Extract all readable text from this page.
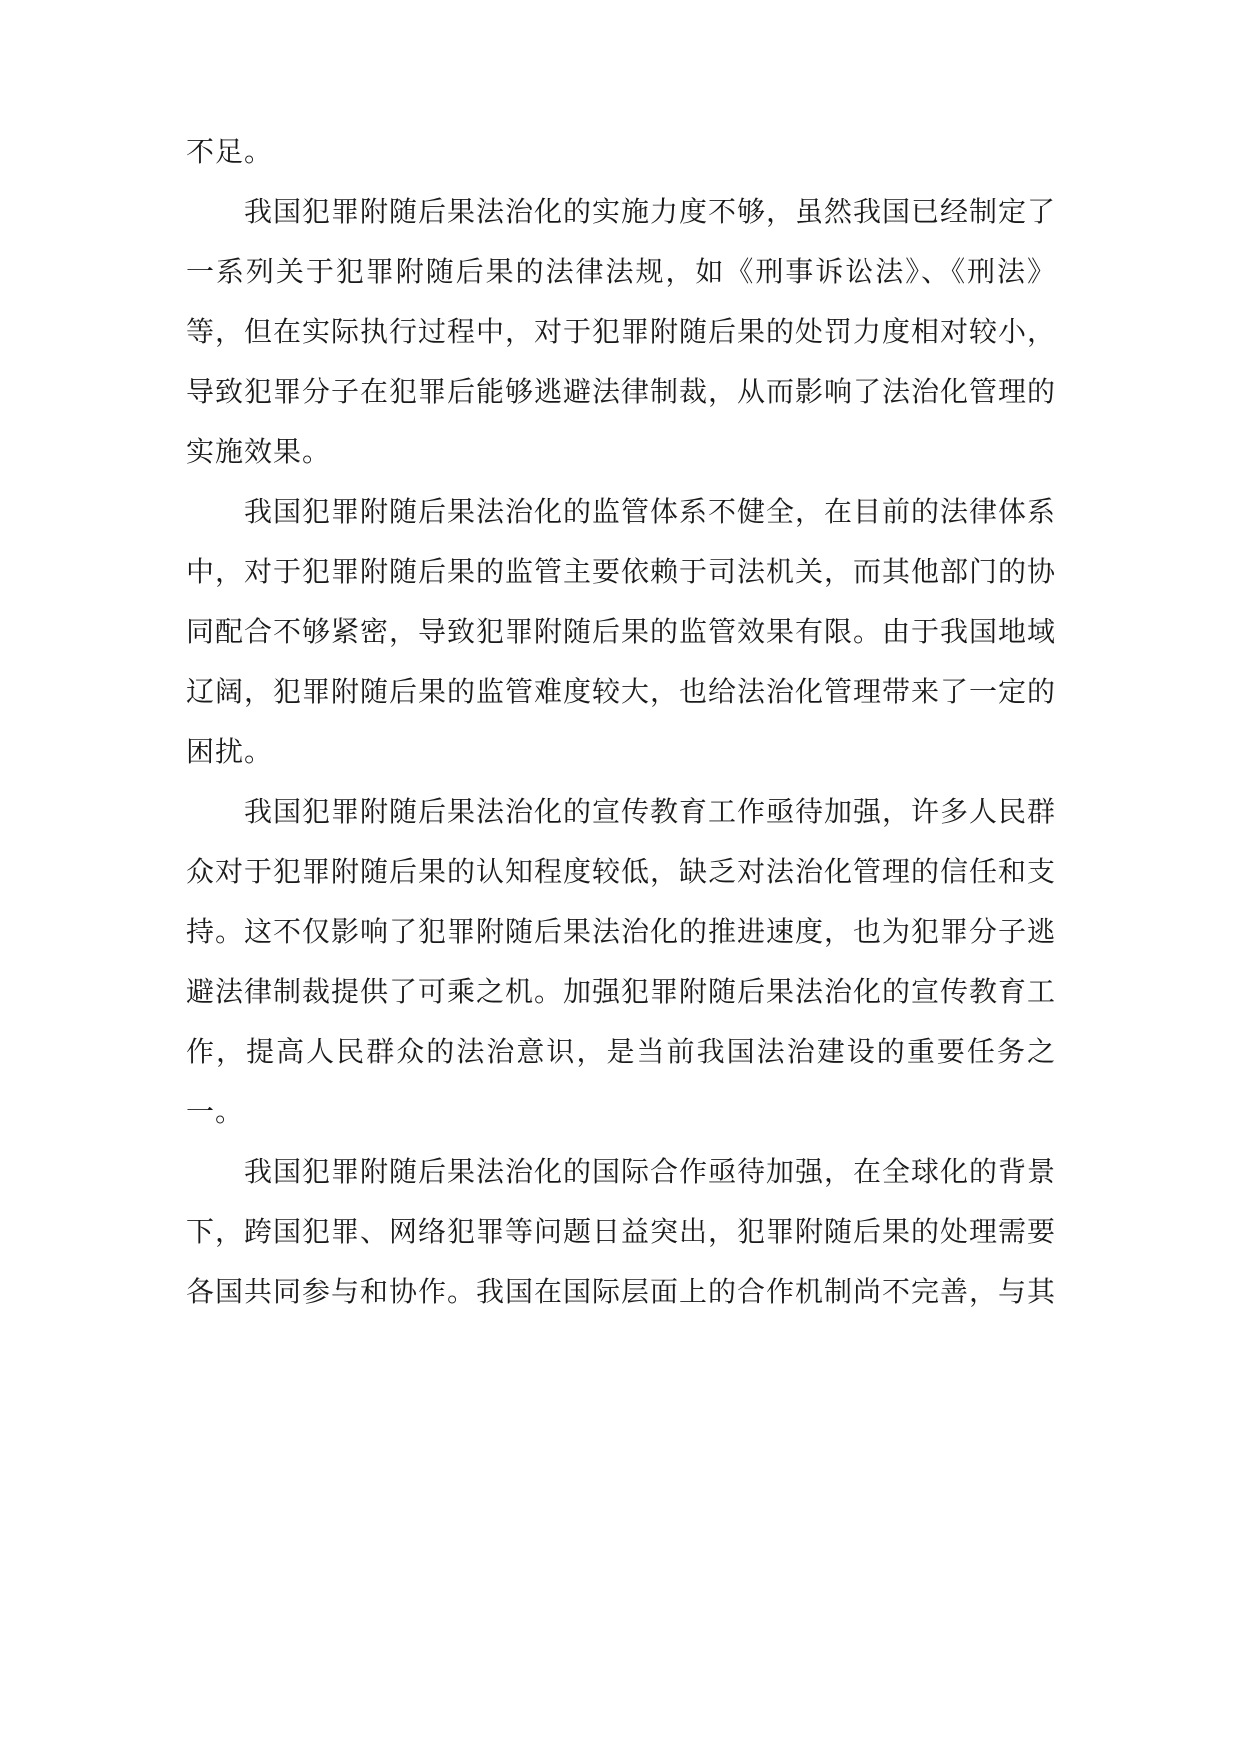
不足。

我国犯罪附随后果法治化的实施力度不够，虽然我国已经制定了一系列关于犯罪附随后果的法律法规，如《刑事诉讼法》、《刑法》等，但在实际执行过程中，对于犯罪附随后果的处罚力度相对较小，导致犯罪分子在犯罪后能够逃避法律制裁，从而影响了法治化管理的实施效果。

我国犯罪附随后果法治化的监管体系不健全，在目前的法律体系中，对于犯罪附随后果的监管主要依赖于司法机关，而其他部门的协同配合不够紧密，导致犯罪附随后果的监管效果有限。由于我国地域辽阔，犯罪附随后果的监管难度较大，也给法治化管理带来了一定的困扰。

我国犯罪附随后果法治化的宣传教育工作亟待加强，许多人民群众对于犯罪附随后果的认知程度较低，缺乏对法治化管理的信任和支持。这不仅影响了犯罪附随后果法治化的推进速度，也为犯罪分子逃避法律制裁提供了可乘之机。加强犯罪附随后果法治化的宣传教育工作，提高人民群众的法治意识，是当前我国法治建设的重要任务之一。

我国犯罪附随后果法治化的国际合作亟待加强，在全球化的背景下，跨国犯罪、网络犯罪等问题日益突出，犯罪附随后果的处理需要各国共同参与和协作。我国在国际层面上的合作机制尚不完善，与其
